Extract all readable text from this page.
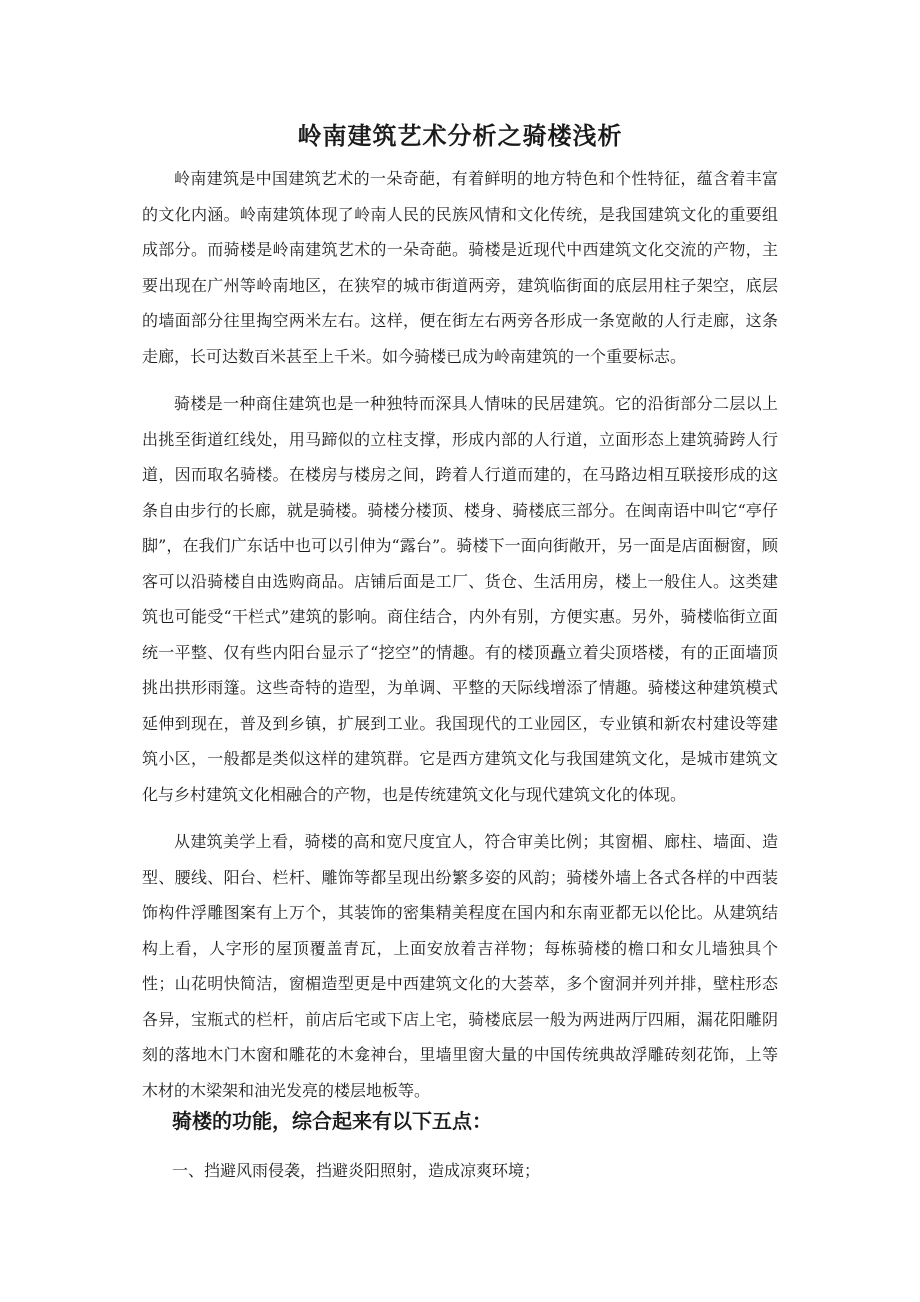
岭南建筑艺术分析之骑楼浅析

岭南建筑是中国建筑艺术的一朵奇葩，有着鲜明的地方特色和个性特征，蕴含着丰富的文化内涵。岭南建筑体现了岭南人民的民族风情和文化传统，是我国建筑文化的重要组成部分。而骑楼是岭南建筑艺术的一朵奇葩。骑楼是近现代中西建筑文化交流的产物，主要出现在广州等岭南地区，在狭窄的城市街道两旁，建筑临街面的底层用柱子架空，底层的墙面部分往里掏空两米左右。这样，便在街左右两旁各形成一条宽敞的人行走廊，这条走廊，长可达数百米甚至上千米。如今骑楼已成为岭南建筑的一个重要标志。

骑楼是一种商住建筑也是一种独特而深具人情味的民居建筑。它的沿街部分二层以上出挑至街道红线处，用马蹄似的立柱支撑，形成内部的人行道，立面形态上建筑骑跨人行道，因而取名骑楼。在楼房与楼房之间，跨着人行道而建的，在马路边相互联接形成的这条自由步行的长廊，就是骑楼。骑楼分楼顶、楼身、骑楼底三部分。在闽南语中叫它“亭仔脚”，在我们广东话中也可以引伸为“露台”。骑楼下一面向街敞开，另一面是店面橱窗，顾客可以沿骑楼自由选购商品。店铺后面是工厂、货仓、生活用房，楼上一般住人。这类建筑也可能受“干栏式”建筑的影响。商住结合，内外有别，方便实惠。另外，骑楼临街立面统一平整、仅有些内阳台显示了“挖空”的情趣。有的楼顶矗立着尖顶塔楼，有的正面墙顶挑出拱形雨篷。这些奇特的造型，为单调、平整的天际线增添了情趣。骑楼这种建筑模式延伸到现在，普及到乡镇，扩展到工业。我国现代的工业园区，专业镇和新农村建设等建筑小区，一般都是类似这样的建筑群。它是西方建筑文化与我国建筑文化，是城市建筑文化与乡村建筑文化相融合的产物，也是传统建筑文化与现代建筑文化的体现。

从建筑美学上看，骑楼的高和宽尺度宜人，符合审美比例；其窗楣、廊柱、墙面、造型、腰线、阳台、栏杆、雕饰等都呈现出纷繁多姿的风韵；骑楼外墙上各式各样的中西装饰构件浮雕图案有上万个，其装饰的密集精美程度在国内和东南亚都无以伦比。从建筑结构上看，人字形的屋顶覆盖青瓦，上面安放着吉祥物；每栋骑楼的檐口和女儿墙独具个性；山花明快简洁，窗楣造型更是中西建筑文化的大荟萃，多个窗洞并列并排，壁柱形态各异，宝瓶式的栏杆，前店后宅或下店上宅，骑楼底层一般为两进两厅四厢，漏花阳雕阴刻的落地木门木窗和雕花的木龛神台，里墙里窗大量的中国传统典故浮雕砖刻花饰，上等木材的木梁架和油光发亮的楼层地板等。

骑楼的功能，综合起来有以下五点：

一、挡避风雨侵袭，挡避炎阳照射，造成凉爽环境；
